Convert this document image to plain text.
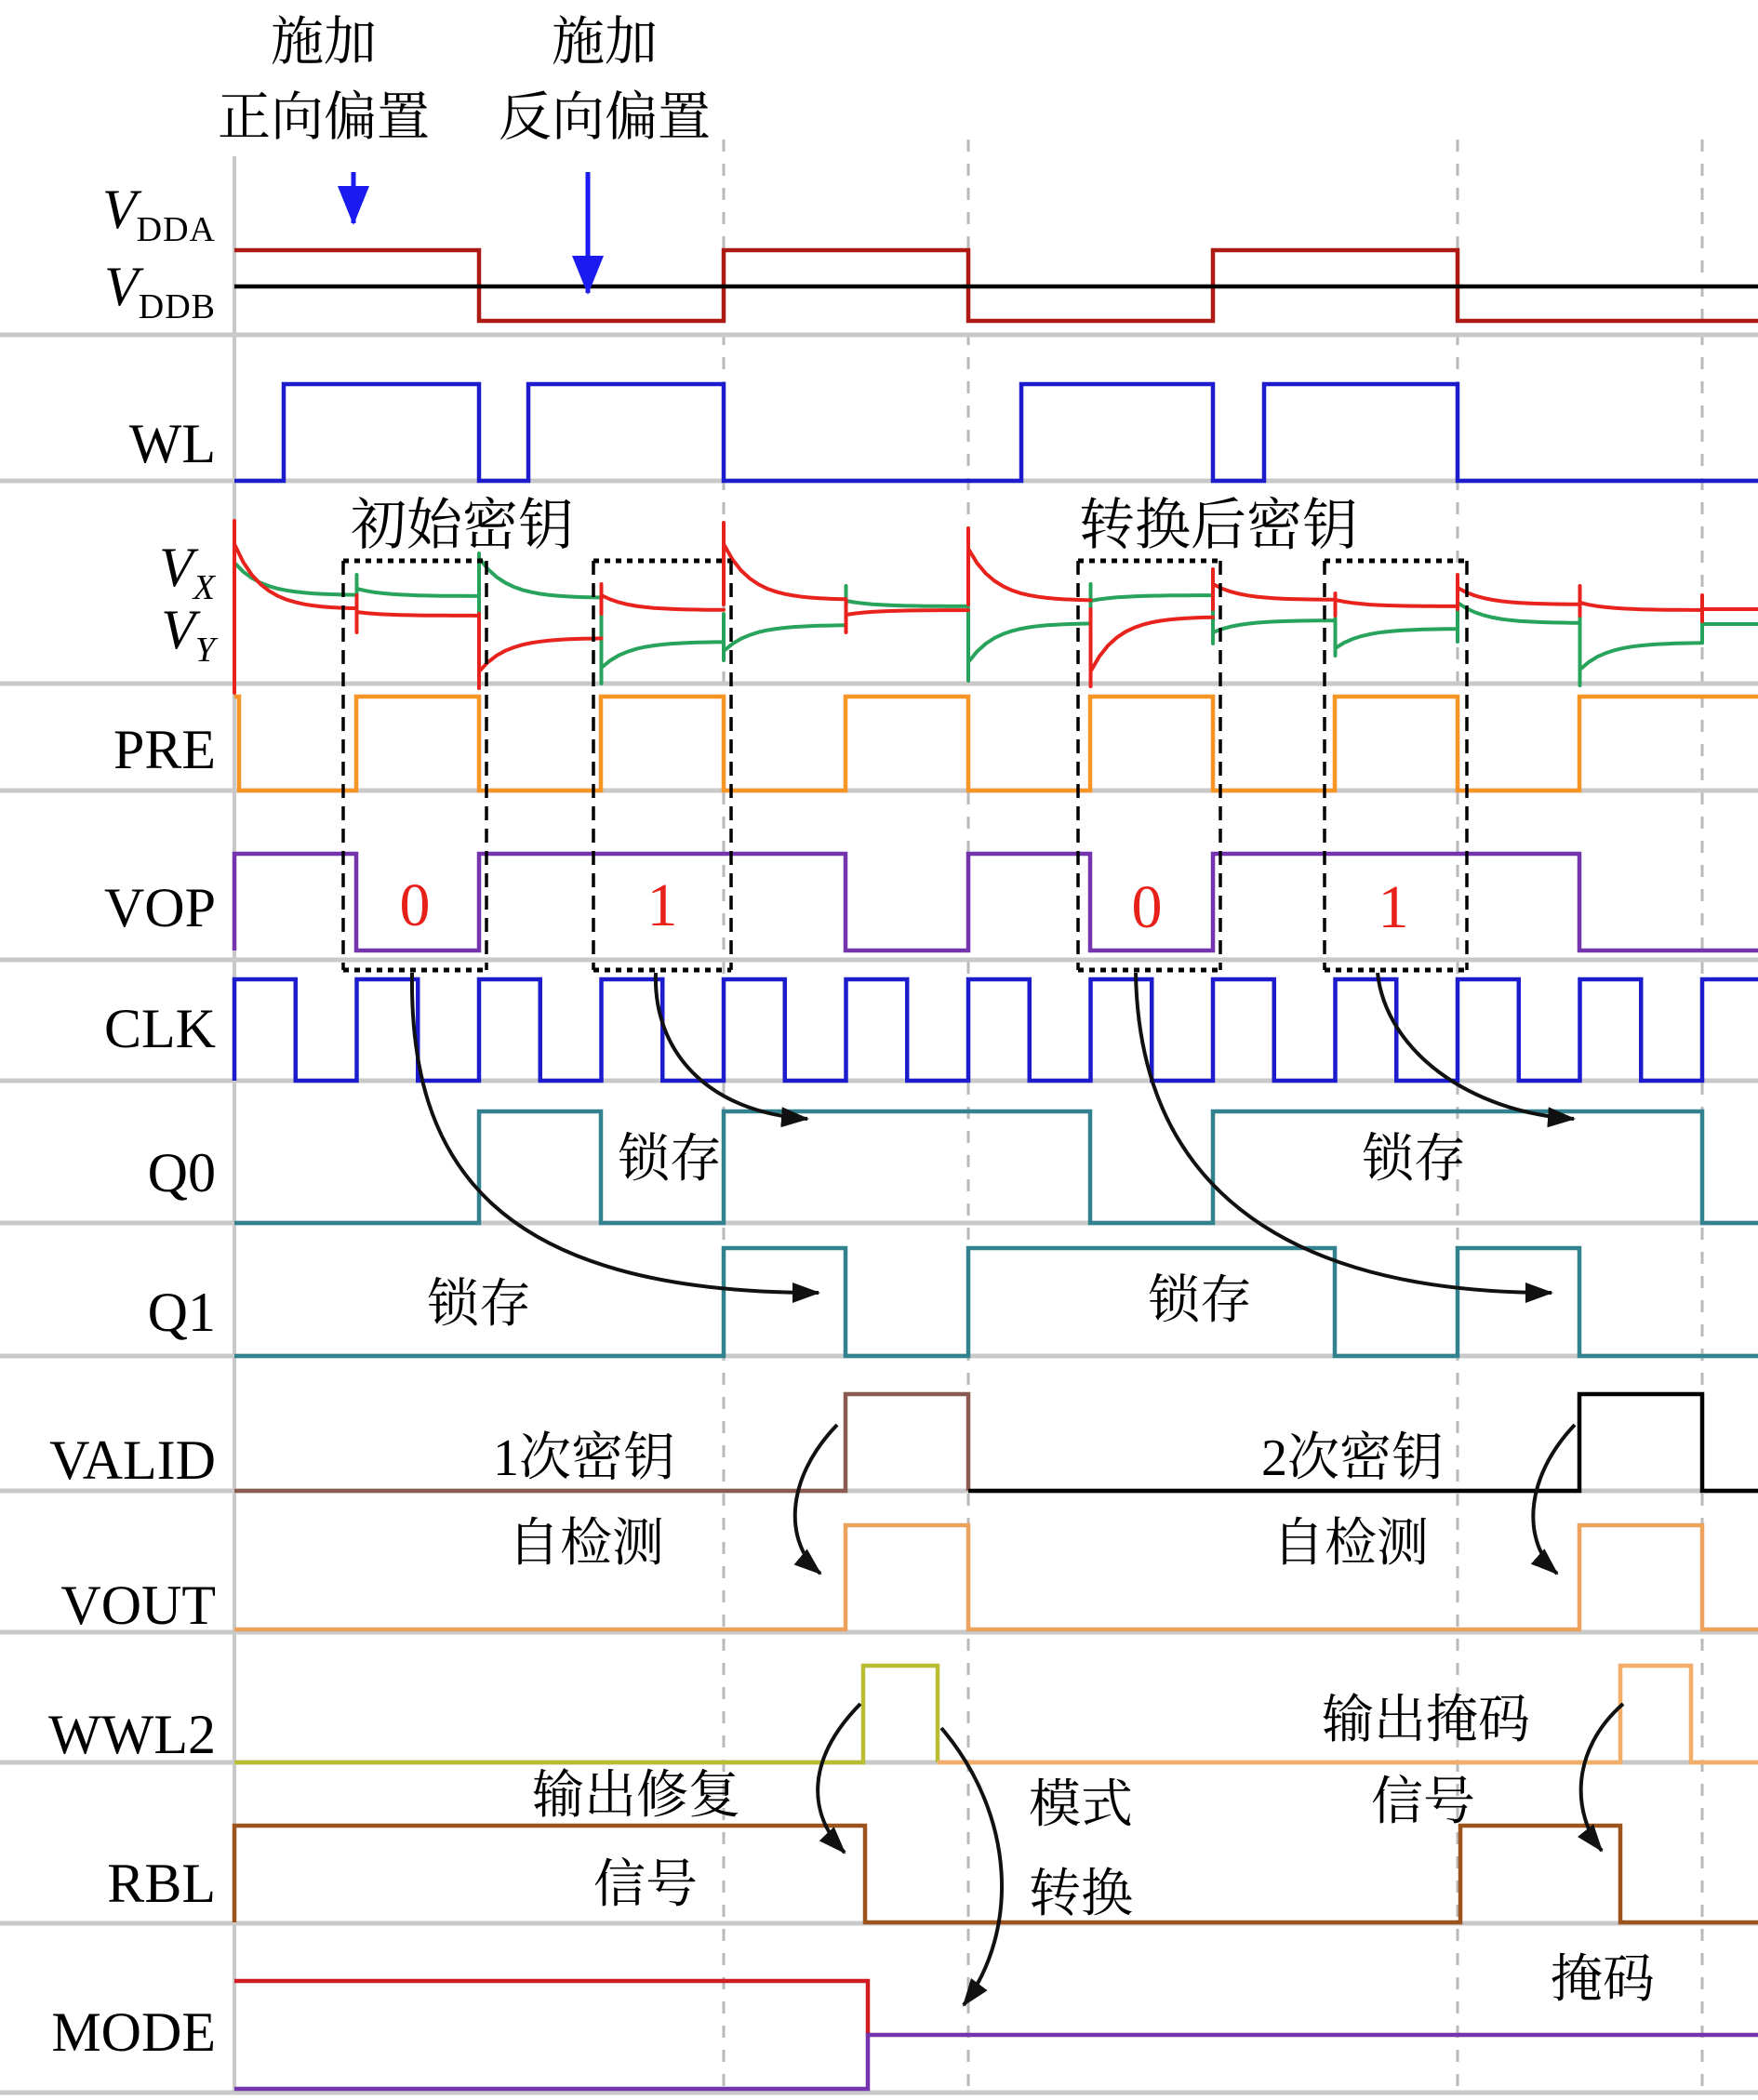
施加
正向偏置
施加
反向偏置
$V_{DDA}$
$V_{DDB}$
WL
$V_X$
$V_Y$
PRE
VOP
CLK
Q0
Q1
VALID
VOUT
WWL2
RBL
MODE
初始密钥	转换后密钥
锁存	锁存
锁存	锁存
1次密钥
自检测
2次密钥
自检测
输出修复
信号
模式
转换
输出掩码
信号
掩码
0	1	0	1
